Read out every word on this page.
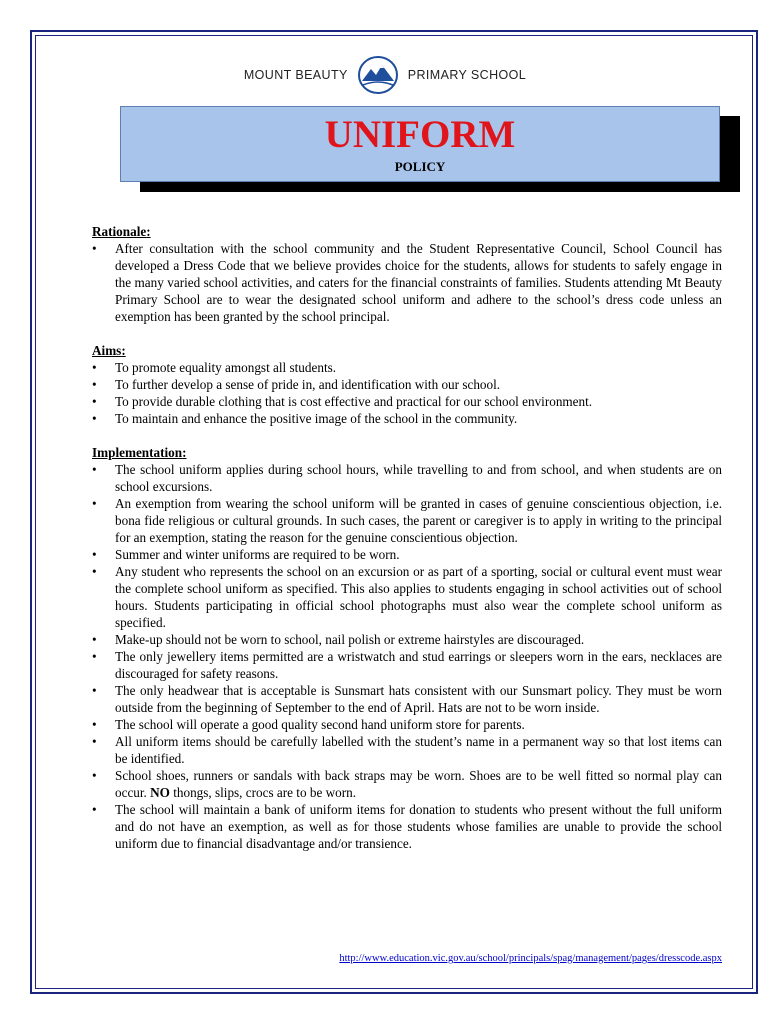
MOUNT BEAUTY	PRIMARY SCHOOL
UNIFORM
POLICY

Rationale:

• After consultation with the school community and the Student Representative Council, School Council has developed a Dress Code that we believe provides choice for the students, allows for students to safely engage in the many varied school activities, and caters for the financial constraints of families. Students attending Mt Beauty Primary School are to wear the designated school uniform and adhere to the school’s dress code unless an exemption has been granted by the school principal.

Aims:

• To promote equality amongst all students.
• To further develop a sense of pride in, and identification with our school.
• To provide durable clothing that is cost effective and practical for our school environment.
• To maintain and enhance the positive image of the school in the community.

Implementation:

• The school uniform applies during school hours, while travelling to and from school, and when students are on school excursions.
• An exemption from wearing the school uniform will be granted in cases of genuine conscientious objection, i.e. bona fide religious or cultural grounds. In such cases, the parent or caregiver is to apply in writing to the principal for an exemption, stating the reason for the genuine conscientious objection.
• Summer and winter uniforms are required to be worn.
• Any student who represents the school on an excursion or as part of a sporting, social or cultural event must wear the complete school uniform as specified. This also applies to students engaging in school activities out of school hours. Students participating in official school photographs must also wear the complete school uniform as specified.
• Make-up should not be worn to school, nail polish or extreme hairstyles are discouraged.
• The only jewellery items permitted are a wristwatch and stud earrings or sleepers worn in the ears, necklaces are discouraged for safety reasons.
• The only headwear that is acceptable is Sunsmart hats consistent with our Sunsmart policy. They must be worn outside from the beginning of September to the end of April. Hats are not to be worn inside.
• The school will operate a good quality second hand uniform store for parents.
• All uniform items should be carefully labelled with the student’s name in a permanent way so that lost items can be identified.
• School shoes, runners or sandals with back straps may be worn. Shoes are to be well fitted so normal play can occur. NO thongs, slips, crocs are to be worn.
• The school will maintain a bank of uniform items for donation to students who present without the full uniform and do not have an exemption, as well as for those students whose families are unable to provide the school uniform due to financial disadvantage and/or transience.
http://www.education.vic.gov.au/school/principals/spag/management/pages/dresscode.aspx
